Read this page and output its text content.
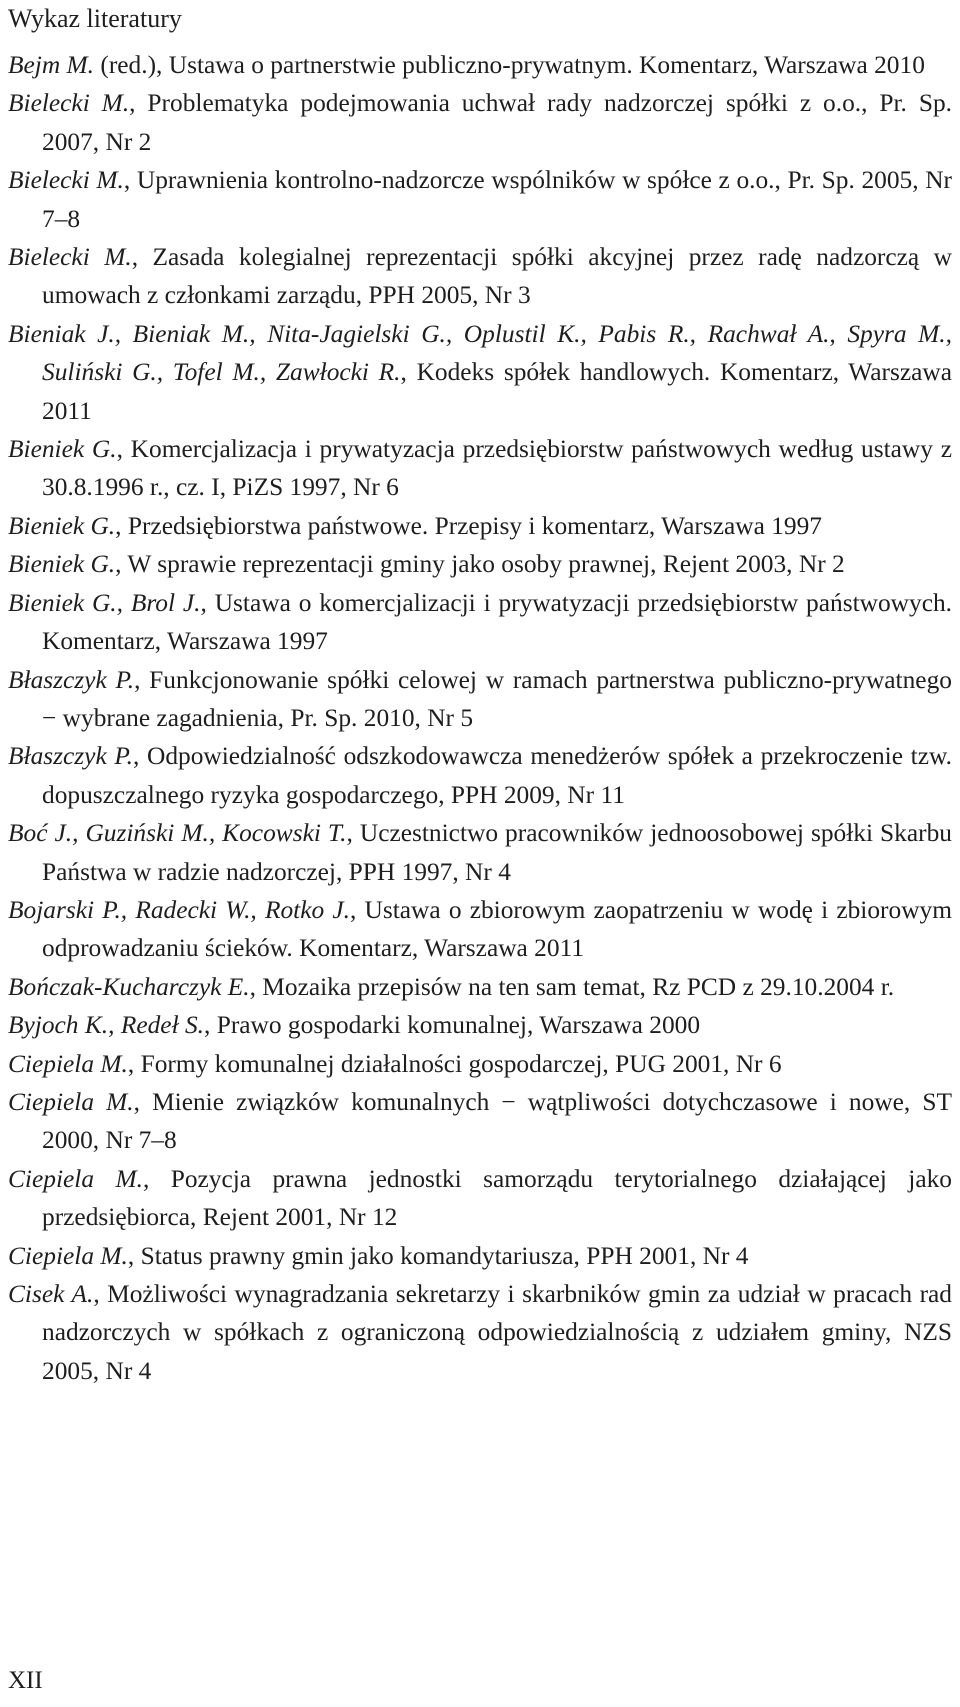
Wykaz literatury

Bejm M. (red.), Ustawa o partnerstwie publiczno-prywatnym. Komentarz, Warszawa 2010

Bielecki M., Problematyka podejmowania uchwał rady nadzorczej spółki z o.o., Pr. Sp. 2007, Nr 2

Bielecki M., Uprawnienia kontrolno-nadzorcze wspólników w spółce z o.o., Pr. Sp. 2005, Nr 7–8

Bielecki M., Zasada kolegialnej reprezentacji spółki akcyjnej przez radę nadzorczą w umowach z członkami zarządu, PPH 2005, Nr 3

Bieniak J., Bieniak M., Nita-Jagielski G., Oplustil K., Pabis R., Rachwał A., Spyra M., Suliński G., Tofel M., Zawłocki R., Kodeks spółek handlowych. Komentarz, Warszawa 2011

Bieniek G., Komercjalizacja i prywatyzacja przedsiębiorstw państwowych według ustawy z 30.8.1996 r., cz. I, PiZS 1997, Nr 6

Bieniek G., Przedsiębiorstwa państwowe. Przepisy i komentarz, Warszawa 1997

Bieniek G., W sprawie reprezentacji gminy jako osoby prawnej, Rejent 2003, Nr 2

Bieniek G., Brol J., Ustawa o komercjalizacji i prywatyzacji przedsiębiorstw państwowych. Komentarz, Warszawa 1997

Błaszczyk P., Funkcjonowanie spółki celowej w ramach partnerstwa publiczno-prywatnego − wybrane zagadnienia, Pr. Sp. 2010, Nr 5

Błaszczyk P., Odpowiedzialność odszkodowawcza menedżerów spółek a przekroczenie tzw. dopuszczalnego ryzyka gospodarczego, PPH 2009, Nr 11

Boć J., Guziński M., Kocowski T., Uczestnictwo pracowników jednoosobowej spółki Skarbu Państwa w radzie nadzorczej, PPH 1997, Nr 4

Bojarski P., Radecki W., Rotko J., Ustawa o zbiorowym zaopatrzeniu w wodę i zbiorowym odprowadzaniu ścieków. Komentarz, Warszawa 2011

Bończak-Kucharczyk E., Mozaika przepisów na ten sam temat, Rz PCD z 29.10.2004 r.

Byjoch K., Redeł S., Prawo gospodarki komunalnej, Warszawa 2000

Ciepiela M., Formy komunalnej działalności gospodarczej, PUG 2001, Nr 6

Ciepiela M., Mienie związków komunalnych − wątpliwości dotychczasowe i nowe, ST 2000, Nr 7–8

Ciepiela M., Pozycja prawna jednostki samorządu terytorialnego działającej jako przedsiębiorca, Rejent 2001, Nr 12

Ciepiela M., Status prawny gmin jako komandytariusza, PPH 2001, Nr 4

Cisek A., Możliwości wynagradzania sekretarzy i skarbników gmin za udział w pracach rad nadzorczych w spółkach z ograniczoną odpowiedzialnością z udziałem gminy, NZS 2005, Nr 4

XII
